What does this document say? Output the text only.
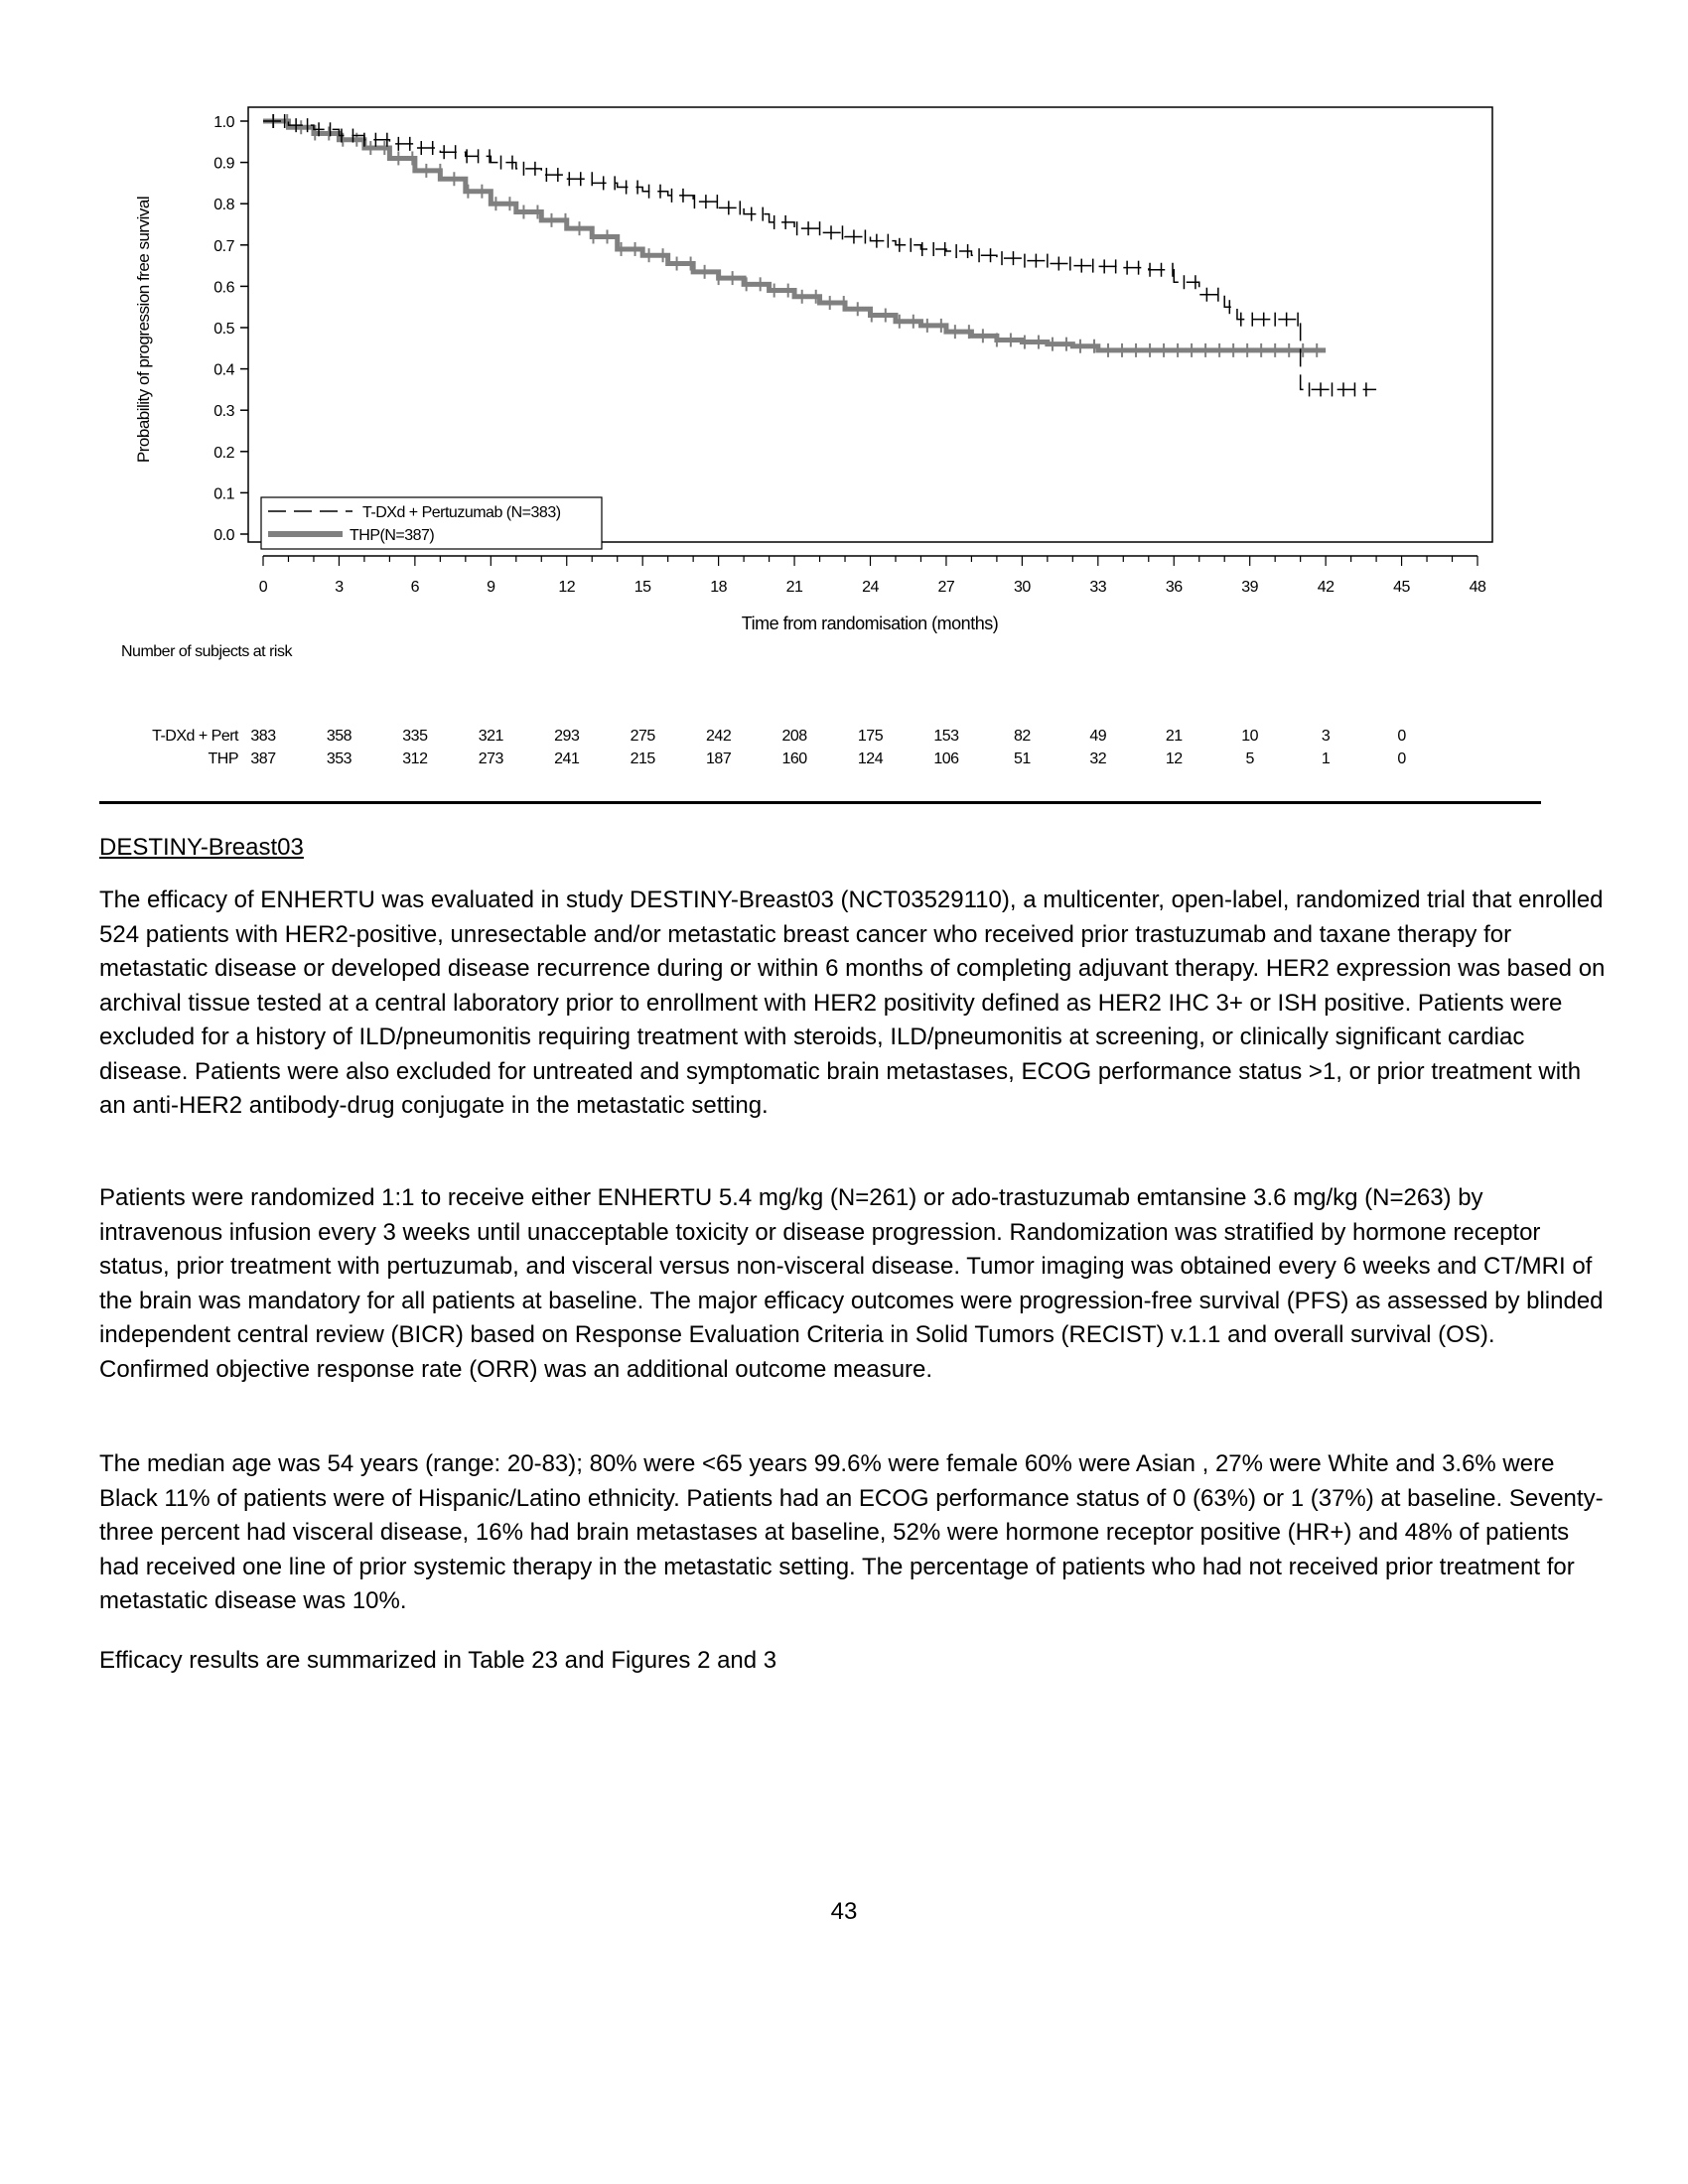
0.0
0.1
0.2
0.3
0.4
0.5
0.6
0.7
0.8
0.9
1.0
0	3	6	9	12	15	18	21	24	27	30	33	36	39	42	45	48
Probability of progression free survival
Time from randomisation (months)
T-DXd + Pertuzumab (N=383)
THP(N=387)
Number of subjects at risk
T-DXd + Pert 383	358	335	321	293	275	242	208	175	153	82	49	21	10	3	0
THP 387	353	312	273	241	215	187	160	124	106	51	32	12	5	1	0
DESTINY-Breast03

The efficacy of ENHERTU was evaluated in study DESTINY-Breast03 (NCT03529110), a multicenter, open-label, randomized trial that enrolled 524 patients with HER2-positive, unresectable and/or metastatic breast cancer who received prior trastuzumab and taxane therapy for metastatic disease or developed disease recurrence during or within 6 months of completing adjuvant therapy. HER2 expression was based on archival tissue tested at a central laboratory prior to enrollment with HER2 positivity defined as HER2 IHC 3+ or ISH positive. Patients were excluded for a history of ILD/pneumonitis requiring treatment with steroids, ILD/pneumonitis at screening, or clinically significant cardiac disease. Patients were also excluded for untreated and symptomatic brain metastases, ECOG performance status >1, or prior treatment with an anti-HER2 antibody-drug conjugate in the metastatic setting.

Patients were randomized 1:1 to receive either ENHERTU 5.4 mg/kg (N=261) or ado-trastuzumab emtansine 3.6 mg/kg (N=263) by intravenous infusion every 3 weeks until unacceptable toxicity or disease progression. Randomization was stratified by hormone receptor status, prior treatment with pertuzumab, and visceral versus non-visceral disease. Tumor imaging was obtained every 6 weeks and CT/MRI of the brain was mandatory for all patients at baseline. The major efficacy outcomes were progression-free survival (PFS) as assessed by blinded independent central review (BICR) based on Response Evaluation Criteria in Solid Tumors (RECIST) v.1.1 and overall survival (OS). Confirmed objective response rate (ORR) was an additional outcome measure.

The median age was 54 years (range: 20-83); 80% were <65 years 99.6% were female 60% were Asian , 27% were White and 3.6% were Black 11% of patients were of Hispanic/Latino ethnicity. Patients had an ECOG performance status of 0 (63%) or 1 (37%) at baseline. Seventy-three percent had visceral disease, 16% had brain metastases at baseline, 52% were hormone receptor positive (HR+) and 48% of patients had received one line of prior systemic therapy in the metastatic setting. The percentage of patients who had not received prior treatment for metastatic disease was 10%.

Efficacy results are summarized in Table 23 and Figures 2 and 3

43
